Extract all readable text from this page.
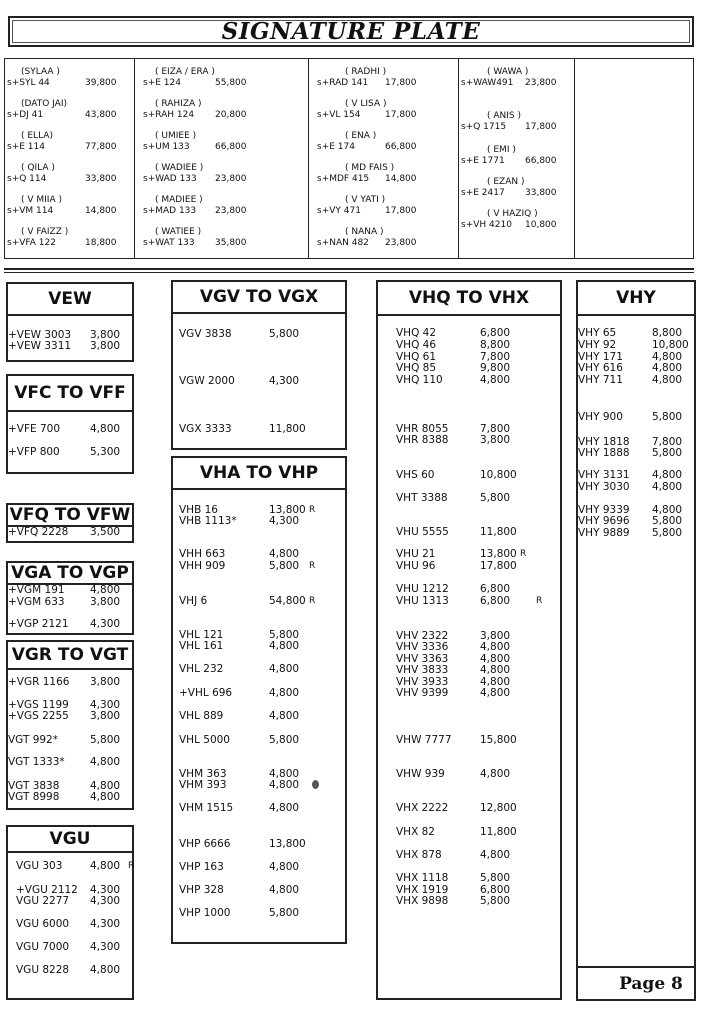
SIGNATURE PLATE
(SYLAA )
s+SYL 44	39,800
(DATO JAI)
s+DJ 41	43,800
( ELLA)
s+E 114	77,800
( QILA )
s+Q 114	33,800
( V MIIA )
s+VM 114	14,800
( V FAIZZ )
s+VFA 122	18,800
( EIZA / ERA )
s+E 124	55,800
( RAHIZA )
s+RAH 124 20,800
( UMIEE )
s+UM 133	66,800
( WADIEE )
s+WAD 133 23,800
( MADIEE )
s+MAD 133 23,800
( WATIEE )
s+WAT 133 35,800
( RADHI )
s+RAD 141 17,800
( V LISA )
s+VL 154	17,800
( ENA )
s+E 174	66,800
( MD FAIS )
s+MDF 415 14,800
( V YATI )
s+VY 471	17,800
( NANA )
s+NAN 482 23,800
( WAWA )
s+WAW491 23,800
( ANIS )
s+Q 1715 17,800
( EMI )
s+E 1771 66,800
( EZAN )
s+E 2417 33,800
( V HAZIQ )
s+VH 4210 10,800
VEW
+VEW 3003 3,800
+VEW 3311 3,800
VFC TO VFF
+VFE 700	4,800
+VFP 800	5,300
VFQ TO VFW
+VFQ 2228 3,500
VGA TO VGP
+VGM 191 4,800
+VGM 633 3,800
+VGP 2121 4,300
VGR TO VGT
+VGR 1166 3,800
+VGS 1199 4,300
+VGS 2255 3,800
VGT 992*	5,800
VGT 1333* 4,800
VGT 3838	4,800
VGT 8998	4,800
VGU
VGU 303	4,800 R
+VGU 2112 4,300
VGU 2277 4,300
VGU 6000 4,300
VGU 7000 4,300
VGU 8228 4,800
VGV TO VGX
VGV 3838	5,800
VGW 2000	4,300
VGX 3333	11,800
VHA TO VHP
VHB 16	13,800 R
VHB 1113*	4,300
VHH 663	4,800
VHH 909	5,800 R
VHJ 6	54,800 R
VHL 121	5,800
VHL 161	4,800
VHL 232	4,800
+VHL 696	4,800
VHL 889	4,800
VHL 5000	5,800
VHM 363	4,800
VHM 393	4,800
VHM 1515	4,800
VHP 6666	13,800
VHP 163	4,800
VHP 328	4,800
VHP 1000	5,800
VHQ TO VHX
VHQ 42	6,800
VHQ 46	8,800
VHQ 61	7,800
VHQ 85	9,800
VHQ 110	4,800
VHR 8055	7,800
VHR 8388	3,800
VHS 60	10,800
VHT 3388	5,800
VHU 5555	11,800
VHU 21	13,800 R
VHU 96	17,800
VHU 1212	6,800
VHU 1313	6,800	R
VHV 2322	3,800
VHV 3336	4,800
VHV 3363	4,800
VHV 3833	4,800
VHV 3933	4,800
VHV 9399	4,800
VHW 7777	15,800
VHW 939	4,800
VHX 2222	12,800
VHX 82	11,800
VHX 878	4,800
VHX 1118	5,800
VHX 1919	6,800
VHX 9898	5,800
VHY
VHY 65	8,800
VHY 92	10,800
VHY 171	4,800
VHY 616	4,800
VHY 711	4,800
VHY 900	5,800
VHY 1818 7,800
VHY 1888 5,800
VHY 3131 4,800
VHY 3030 4,800
VHY 9339 4,800
VHY 9696 5,800
VHY 9889 5,800
Page 8
